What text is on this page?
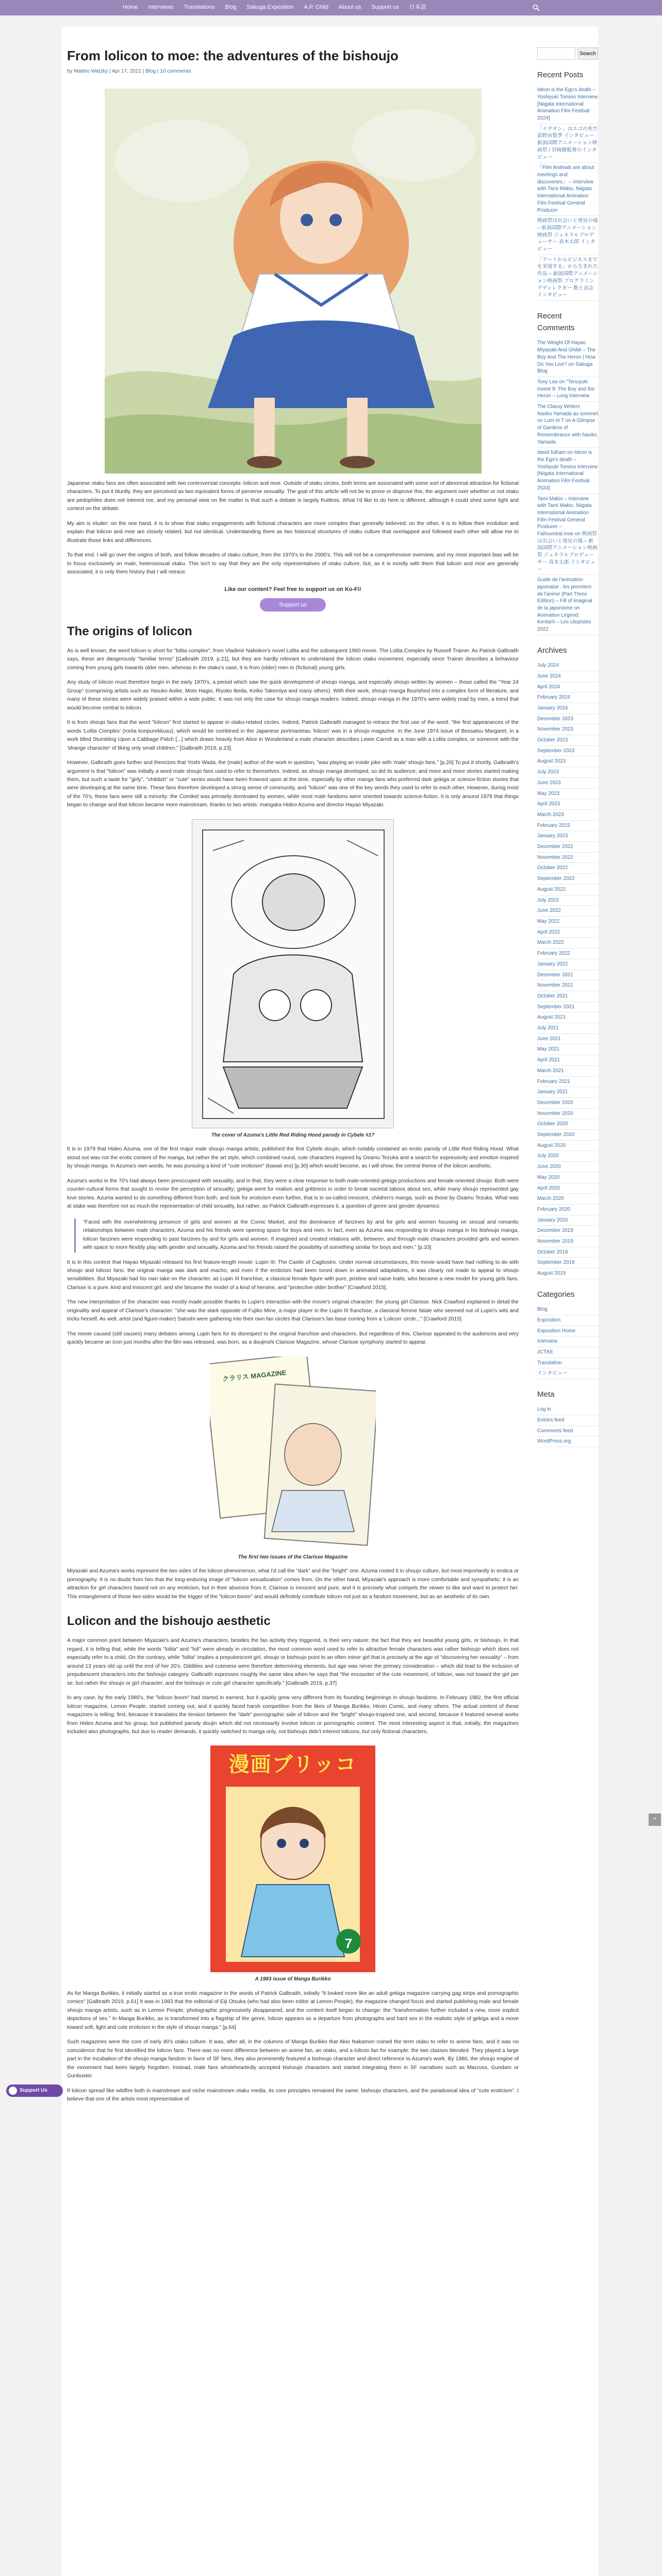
Home Interviews Translations Blog Sakuga Exposition A.P. Child About us Support us 日本語
From lolicon to moe: the adventures of the bishoujo
by Matteo Watzky | Apr 17, 2021 | Blog | 10 comments

Japanese otaku fans are often associated with two controversial concepts: lolicon and moe. Outside of otaku circles, both terms are associated with some sort of abnormal attraction for fictional characters. To put it bluntly, they are perceived as two equivalent forms of perverse sexuality. The goal of this article will not be to prove or disprove this, the argument over whether or not otaku are pedophiles does not interest me, and my personal view on the matter is that such a debate is largely fruitless. What I'd like to do here is different, although it could shed some light and context on the debate.

My aim is eluder: on the one hand, it is to show that otaku engagements with fictional characters are more complex than generally believed; on the other, it is to follow their evolution and explain that lolicon and moe are closely related, but not identical. Understanding them as two historical structures of otaku culture that overlapped and followed each other will allow me to illustrate those links and differences.

To that end, I will go over the origins of both, and follow decades of otaku culture, from the 1970's to the 2000's. This will not be a comprehensive overview, and my most important bias will be to focus exclusively on male, heterosexual otaku. This isn't to say that they are the only representatives of otaku culture, but, as it is mostly with them that lolicon and moe are generally associated, it is only them history that I will retrace.

Like our content? Feel free to support us on Ko-Fi!
Support us
The origins of lolicon

As is well known, the word lolicon is short for "lolita complex", from Vladimir Nabokov's novel Lolita and the subsequent 1960 movie. The Lolita Complex by Russell Trainer. As Patrick Galbraith says, these are dangerously "familiar terms" [Galbraith 2019, p.21], but they are hardly relevant to understand the lolicon otaku movement, especially since Trainer describes a behaviour coming from young girls towards older men, whereas in the otaku's case, it is from (older) men to (fictional) young girls.

Any study of lolicon must therefore begin in the early 1970's, a period which saw the quick development of shoujo manga, and especially shoujo written by women – those called the "Year 24 Group" (comprising artists such as Yasuko Aoike, Moto Hagio, Riyoko Ikeda, Keiko Takemiya and many others). With their work, shoujo manga flourished into a complex form of literature, and many of these stories were widely praised within a wide public. It was not only the case for shoujo manga readers: indeed, shoujo manga in the 1970's were widely read by men, a trend that would become central to lolicon.

It is from shoujo fans that the word "lolicon" first started to appear in otaku-related circles. Indeed, Patrick Galbraith managed to retrace the first use of the word: "the first appearances of the words 'Lolita Complex' (rorita konpurekkusu), which would be combined in the Japanese portmanteau 'lolicon' was in a shoujo magazine. In the June 1974 issue of Bessatsu Margaret, in a work titled Stumbling Upon a Cabbage Patch [...] which draws heavily from Alice in Wonderland a male character describes Lewis Carroll as a man with a Lolita complex, or someone with the 'strange character' of liking only small children." [Galbraith 2019, p.23].

However, Galbraith goes further and theorizes that Yoshi Wada, the (male) author of the work in question, "was playing an inside joke with 'male' shoujo fans." [p.26] To put it shortly, Galbraith's argument is that "lolicon" was initially a word male shoujo fans used to refer to themselves. Indeed, as shoujo manga developed, so did its audience; and more and more stories started making them, but such a taste for "girly", "childish" or "cute" series would have been frowned upon at the time, especially by other manga fans who preferred dark gekiga or science-fiction stories that were developing at the same time. These fans therefore developed a strong sense of community, and "lolicon" was one of the key words they used to refer to each other. However, during most of the 70's, these fans were still a minority: the Comiket was primarily dominated by women, while most male fandoms were oriented towards science-fiction. It is only around 1979 that things began to change and that lolicon became more mainstream, thanks to two artists: mangaka Hideo Azuma and director Hayao Miyazaki.

The cover of Azuma's Little Red Riding Hood parody in Cybele #1?

It is in 1979 that Hideo Azuma, one of the first major male shoujo manga artists, published the first Cybele doujin, which notably contained an erotic parody of Little Red Riding Hood. What stood out was not the erotic content of the manga, but rather the art style, which combined round, cute characters inspired by Osamu Tezuka and a search for expressivity and emotion inspired by shoujo manga. In Azuma's own words, he was pursuing a kind of "cute eroticism" (kawaii ero) [p.30] which would become, as I will show, the central theme of the lolicon aesthetic.

Azuma's works in the 70's had always been preoccupied with sexuality, and in that, they were a clear response to both male-oriented gekiga productions and female-oriented shoujo. Both were counter-cultural forms that sought to revise the perception of sexuality; gekiga went for realism and grittiness in order to break societal taboos about sex, while many shoujo represented gay love stories. Azuma wanted to do something different from both, and look for eroticism even further, that is in so-called innocent, children's manga, such as those by Osamu Tezuka. What was at stake was therefore not so much the representation of child sexuality, but rather, as Patrick Galbraith expresses it, a question of genre and gender dynamics:

"Faced with the overwhelming presence of girls and women at the Comic Market, and the dominance of fanzines by and for girls and women focusing on sexual and romantic relationships between male characters, Azuma and his friends were opening space for boys and men. In fact, even as Azuma was responding to shoujo manga in his bishoujo manga, lolicon fanzines were responding to past fanzines by and for girls and women. If imagined and created relations with, between, and through male characters provided girls and women with space to more flexibly play with gender and sexuality, Azuma and his friends raised the possibility of something similar for boys and men." [p.33]

It is in this context that Hayao Miyazaki released his first feature-length movie: Lupin III: The Castle of Cagliostro. Under normal circumstances, this movie would have had nothing to do with shoujo and lolicon fans: the original manga was dark and macho, and even if the eroticism had been toned down in animated adaptations, it was clearly not made to appeal to shoujo sensibilities. But Miyazaki had his own take on the character, as Lupin III franchise, a classical female figure with pure, pristine and naive traits, who became a new model for young girls fans. Clarisse is a pure, kind and innocent girl, and she became the model of a kind of heroine, and "protective older brother" [Crawford 2015].

The new interpretation of the character was mostly made possible thanks to Lupin's interaction with the movie's original character: the young girl Clarisse. Nick Crawford explained in detail the originality and appeal of Clarisse's character: "she was the stark opposite of Fujiko Mine, a major player in the Lupin III franchise, a classical femme fatale who seemed out of Lupin's wits and tricks herself. As well, artist (and figure-maker) Satoshi were gathering into their own fan circles that Clarisse's fan base coming from a 'Lolicon' circle..." [Crawford 2015]

The movie caused (still causes) many debates among Lupin fans for its disrespect to the original franchise and characters. But regardless of this, Clarisse appealed to the audiences and very quickly became an icon just months after the film was released, was born, as a doujinshi Clarisse Magazine, whose Clarisse symphony started to appear.

クラリス MAGAZINE
The first two issues of the Clarisse Magazine

Miyazaki and Azuma's works represent the two sides of the lolicon phenomenon, what I'd call the "dark" and the "bright" one. Azuma rooted it in shoujo culture, but most importantly in erotica or pornography. It is no doubt from him that the long-enduring image of "lolicon sexualization" comes from. On the other hand, Miyazaki's approach is more comfortable and sympathetic: it is an attraction for girl characters based not on any eroticism, but in their absence from it. Clarisse is innocent and pure, and it is precisely what compels the viewer to like and want to protect her. This entanglement of those two sides would be the trigger of the "lolicon boom" and would definitely contribute lolicon not just as a fandom movement, but as an aesthetic of its own.

Lolicon and the bishoujo aesthetic

A major common point between Miyazaki's and Azuma's characters, besides the fan activity they triggered, is their very nature: the fact that they are beautiful young girls, or bishoujo. In that regard, it is telling that, while the words "lolita" and "loli" were already in circulation, the most common word used to refer to attractive female characters was rather bishoujo which does not especially refer to a child. On the contrary, while "lolita" implies a prepubescent girl, shoujo or bishoujo point to an often minor girl that is precisely at the age of "discovering her sexuality" – from around 13 years old up until the end of her 20's. Oddities and cuteness were therefore determining elements, but age was never the primary consideration – which did lead to the inclusion of prepubescent characters into the bishoujo category. Galbraith expresses roughly the same idea when he says that "the encounter of the cute movement, of lolicon, was not toward the girl per se, but rather the shoujo or girl character, and the bishoujo or cute girl character specifically." [Galbraith 2019, p.37]

In any case, by the early 1980's, the "lolicon boom" had started in earnest, but it quickly grew very different from its founding beginnings in shoujo fandoms. In February 1982, the first official lolicon magazine, Lemon People, started coming out, and it quickly faced harsh competition from the likes of Manga Burikko, Hiroin Comic, and many others. The actual content of these magazines is telling: first, because it translates the tension between the "dark" pornographic side of lolicon and the "bright" shoujo-inspired one, and second, because it featured several works from Hideo Azuma and his group, but published parody doujin which did not necessarily involve lolicon or pornographic content. The most interesting aspect is that, initially, the magazines included also photographs, but due to reader demands, it quickly switched to manga only, not bishoujo didn't interest lolicons, but only fictional characters.

漫画ブリッコ
7
A 1983 issue of Manga Burikko

As for Manga Burikko, it initially started as a true erotic magazine in the words of Patrick Galbraith, initially "it looked more like an adult gekiga magazine carrying gag strips and pornographic comics" [Galbraith 2019, p.61] It was in 1983 that the editorial of Eiji Otsuka (who had also been editor at Lemon People), the magazine changed focus and started publishing male and female shoujo manga artists, such as in Lemon People, photographic progressively disappeared, and the content itself began to change: the "transformation further included a new, more explicit depictions of sex." In Manga Burikko, as is transformed into a flagship of the genre, lolicon appears as a departure from photographs and hard sex in the realistic style of gekiga and a move toward soft, light and cute eroticism in the style of shoujo manga." [p.64]

Such magazines were the core of early 80's otaku culture. It was, after all, in the columns of Manga Burikko that Akio Nakamori coined the term otaku to refer to anime fans, and it was no coincidence that he first identified the lolicon fans. There was no more difference between an anime fan, an otaku, and a lolicon fan for example: the two classes blended. They played a large part in the incubation of the shoujo manga fandom in favor of SF fans, they also prominently featured a bishoujo character and direct reference to Azuma's work. By 1980, the shoujo engine of the movement had been largely forgotten. Instead, male fans wholeheartedly accepted bishoujo characters and started integrating them in SF narratives such as Macross, Gundam or Gunbuster.

If lolicon spread like wildfire both in mainstream and niche mainstream otaku media, its core principles remained the same: bishoujo characters, and the paradoxical idea of "cute eroticism". I believe that one of the artists most representative of

Search
Recent Posts
Ideon is the Ego's death – Yoshiyuki Tomino Interview [Niigata International Animation Film Festival 2024]
「イデオン」はエゴの死だ 富野由悠季 インタビュー 新潟国際アニメーション映画祭 / 宮崎駿監督のインタビュー
「Film festivals are about meetings and discoveries」 – Interview with Tami Makio, Niigata International Animation Film Festival General Producer
映画祭は出会いと発見の場 – 新潟国際アニメーション映画祭 ジェネラルプロデューサー 真木太郎 インタビュー
「アートからビジネスまでを実現する」から生まれた作品 – 新潟国際アニメーション映画祭 プログラミングディレクター 数土直志 インタビュー
Recent Comments
The Weight Of Hayao Miyazaki And Ghibli – The Boy And The Heron | How Do You Live? on Sakuga Blog
Tony Lee on "Tenuyuki Invest 9: The Boy and the Heron – Long Interview
The Classy Writers · Naoko Yamada au sommet on Lum et T on A Glimpse of Gardens of Remembrance with Naoko Yamada
david fulham on Ideon is the Ego's death – Yoshiyuki Tomino Interview [Niigata International Animation Film Festival 2024]
Tami Makio – Interview with Tami Makio, Niigata International Animation Film Festival General Producer – Falfoumeal.moe on 映画祭は出会いと発見の場 – 新潟国際アニメーション映画祭 ジェネラルプロデューサー 真木太郎 インタビュー
Guide de l'animation japonaise : les pionniers de l'anime (Part Three Edition) – Fill of imaginal de la japonisme on Animation Legend: Kentarō – Les Utopistes 2022
Archives
July 2024
June 2024
April 2024
February 2024
January 2024
December 2023
November 2023
October 2023
September 2023
August 2023
July 2023
June 2023
May 2023
April 2023
March 2023
February 2023
January 2023
December 2022
November 2022
October 2022
September 2022
August 2022
July 2022
June 2022
May 2022
April 2022
March 2022
February 2022
January 2022
December 2021
November 2021
October 2021
September 2021
August 2021
July 2021
June 2021
May 2021
April 2021
March 2021
February 2021
January 2021
December 2020
November 2020
October 2020
September 2020
August 2020
July 2020
June 2020
May 2020
April 2020
March 2020
February 2020
January 2020
December 2019
November 2019
October 2019
September 2019
August 2019
Categories
Blog
Exposition
Exposition Home
Interview
JCTKE
Translation
インタビュー
Meta
Log in
Entries feed
Comments feed
WordPress.org
Support Us
^
